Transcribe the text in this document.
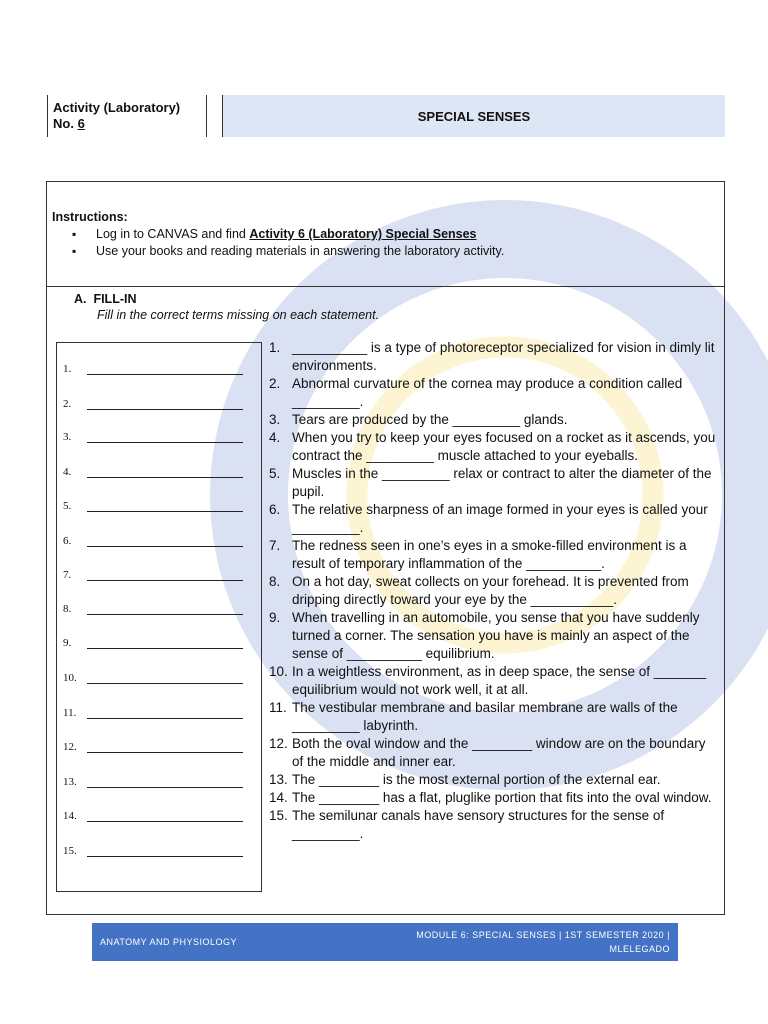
Activity (Laboratory)
No. 6	SPECIAL SENSES
Instructions:
▪ Log in to CANVAS and find Activity 6 (Laboratory) Special Senses
▪ Use your books and reading materials in answering the laboratory activity.
A.  FILL-IN
Fill in the correct terms missing on each statement.
1.
2.
3.
4.
5.
6.
7.
8.
9.
10.
11.
12.
13.
14.
15.
1. __________ is a type of photoreceptor specialized for vision in dimly lit environments.
2. Abnormal curvature of the cornea may produce a condition called _________.
3. Tears are produced by the _________ glands.
4. When you try to keep your eyes focused on a rocket as it ascends, you contract the _________ muscle attached to your eyeballs.
5. Muscles in the _________ relax or contract to alter the diameter of the pupil.
6. The relative sharpness of an image formed in your eyes is called your _________.
7. The redness seen in one’s eyes in a smoke-filled environment is a result of temporary inflammation of the __________.
8. On a hot day, sweat collects on your forehead. It is prevented from dripping directly toward your eye by the ___________.
9. When travelling in an automobile, you sense that you have suddenly turned a corner. The sensation you have is mainly an aspect of the sense of __________ equilibrium.
10. In a weightless environment, as in deep space, the sense of _______ equilibrium would not work well, it at all.
11. The vestibular membrane and basilar membrane are walls of the _________ labyrinth.
12. Both the oval window and the ________ window are on the boundary of the middle and inner ear.
13. The ________ is the most external portion of the external ear.
14. The ________ has a flat, pluglike portion that fits into the oval window.
15. The semilunar canals have sensory structures for the sense of _________.
ANATOMY AND PHYSIOLOGY
MODULE 6: SPECIAL SENSES | 1ST SEMESTER 2020 |
MLELEGADO
